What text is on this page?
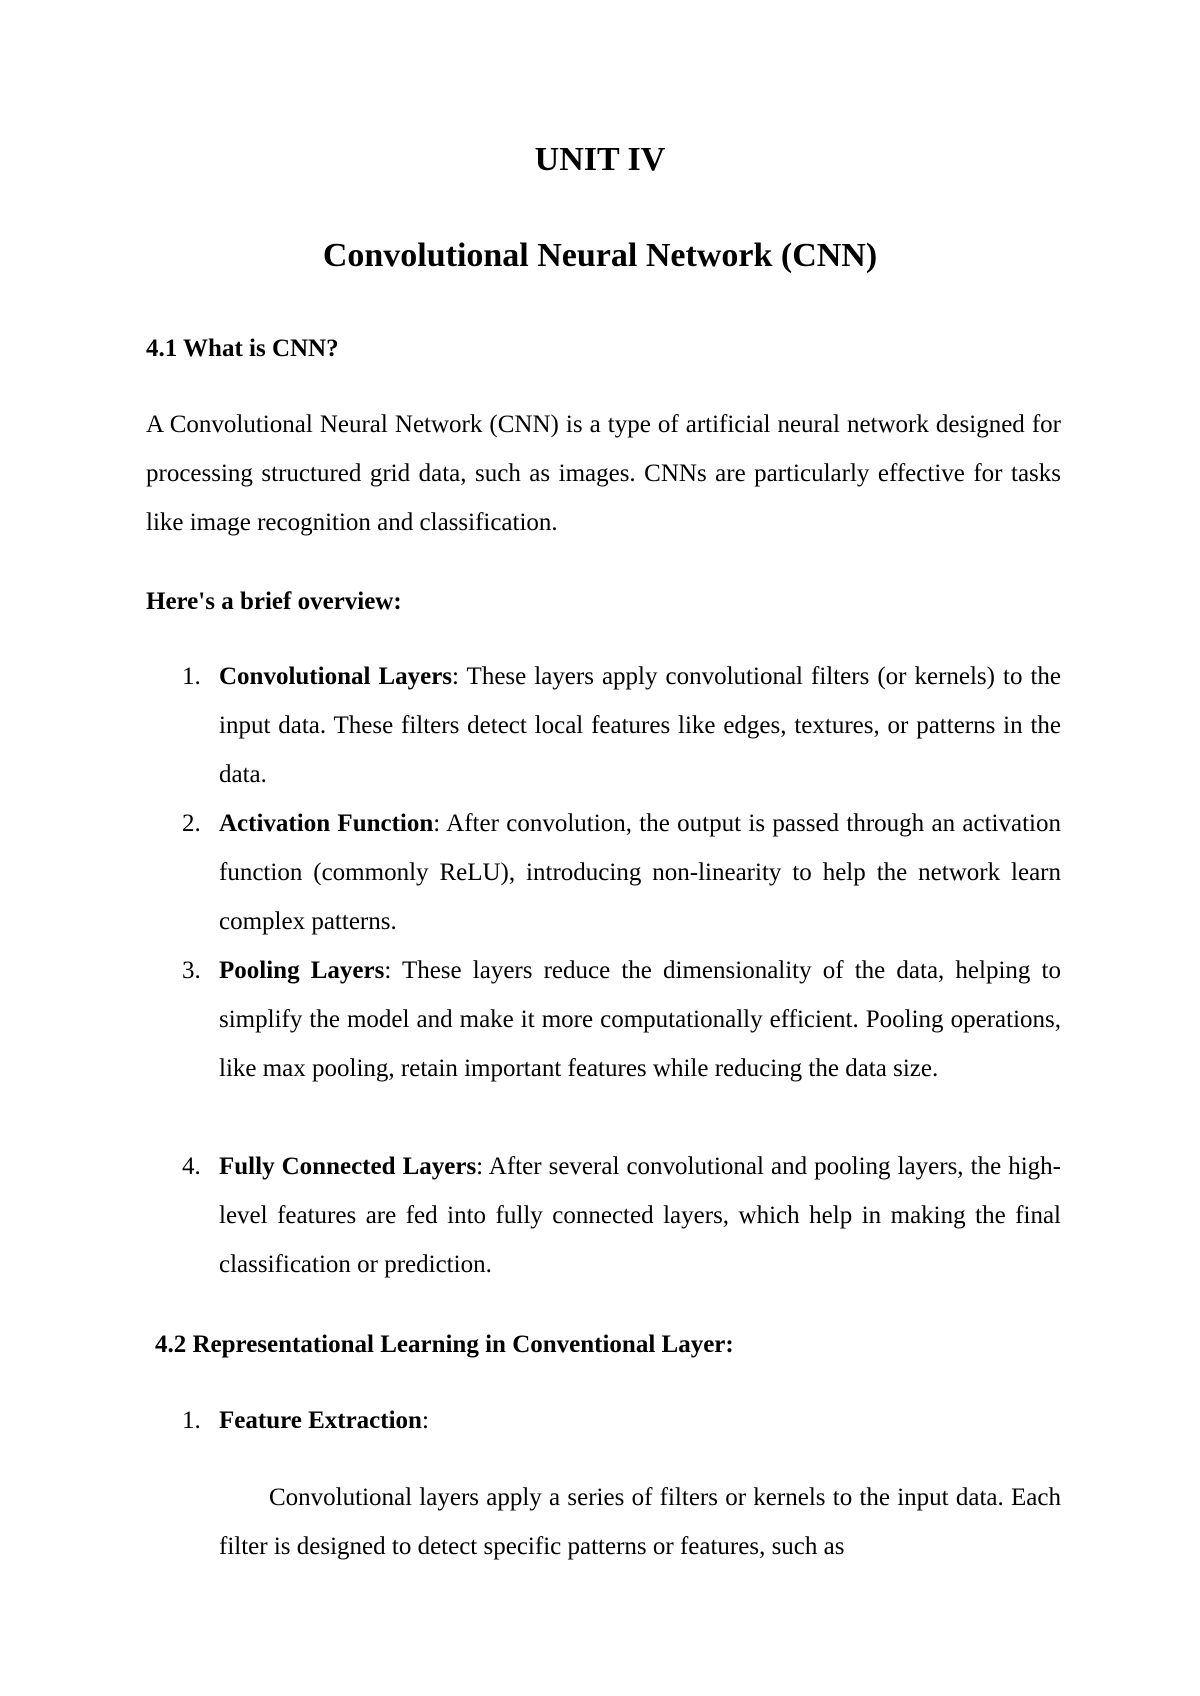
UNIT IV
Convolutional Neural Network (CNN)
4.1 What is CNN?
A Convolutional Neural Network (CNN) is a type of artificial neural network designed for processing structured grid data, such as images. CNNs are particularly effective for tasks like image recognition and classification.
Here's a brief overview:
1. Convolutional Layers: These layers apply convolutional filters (or kernels) to the input data. These filters detect local features like edges, textures, or patterns in the data.
2. Activation Function: After convolution, the output is passed through an activation function (commonly ReLU), introducing non-linearity to help the network learn complex patterns.
3. Pooling Layers: These layers reduce the dimensionality of the data, helping to simplify the model and make it more computationally efficient. Pooling operations, like max pooling, retain important features while reducing the data size.
4. Fully Connected Layers: After several convolutional and pooling layers, the high-level features are fed into fully connected layers, which help in making the final classification or prediction.
4.2 Representational Learning in Conventional Layer:
1. Feature Extraction:
Convolutional layers apply a series of filters or kernels to the input data. Each filter is designed to detect specific patterns or features, such as
